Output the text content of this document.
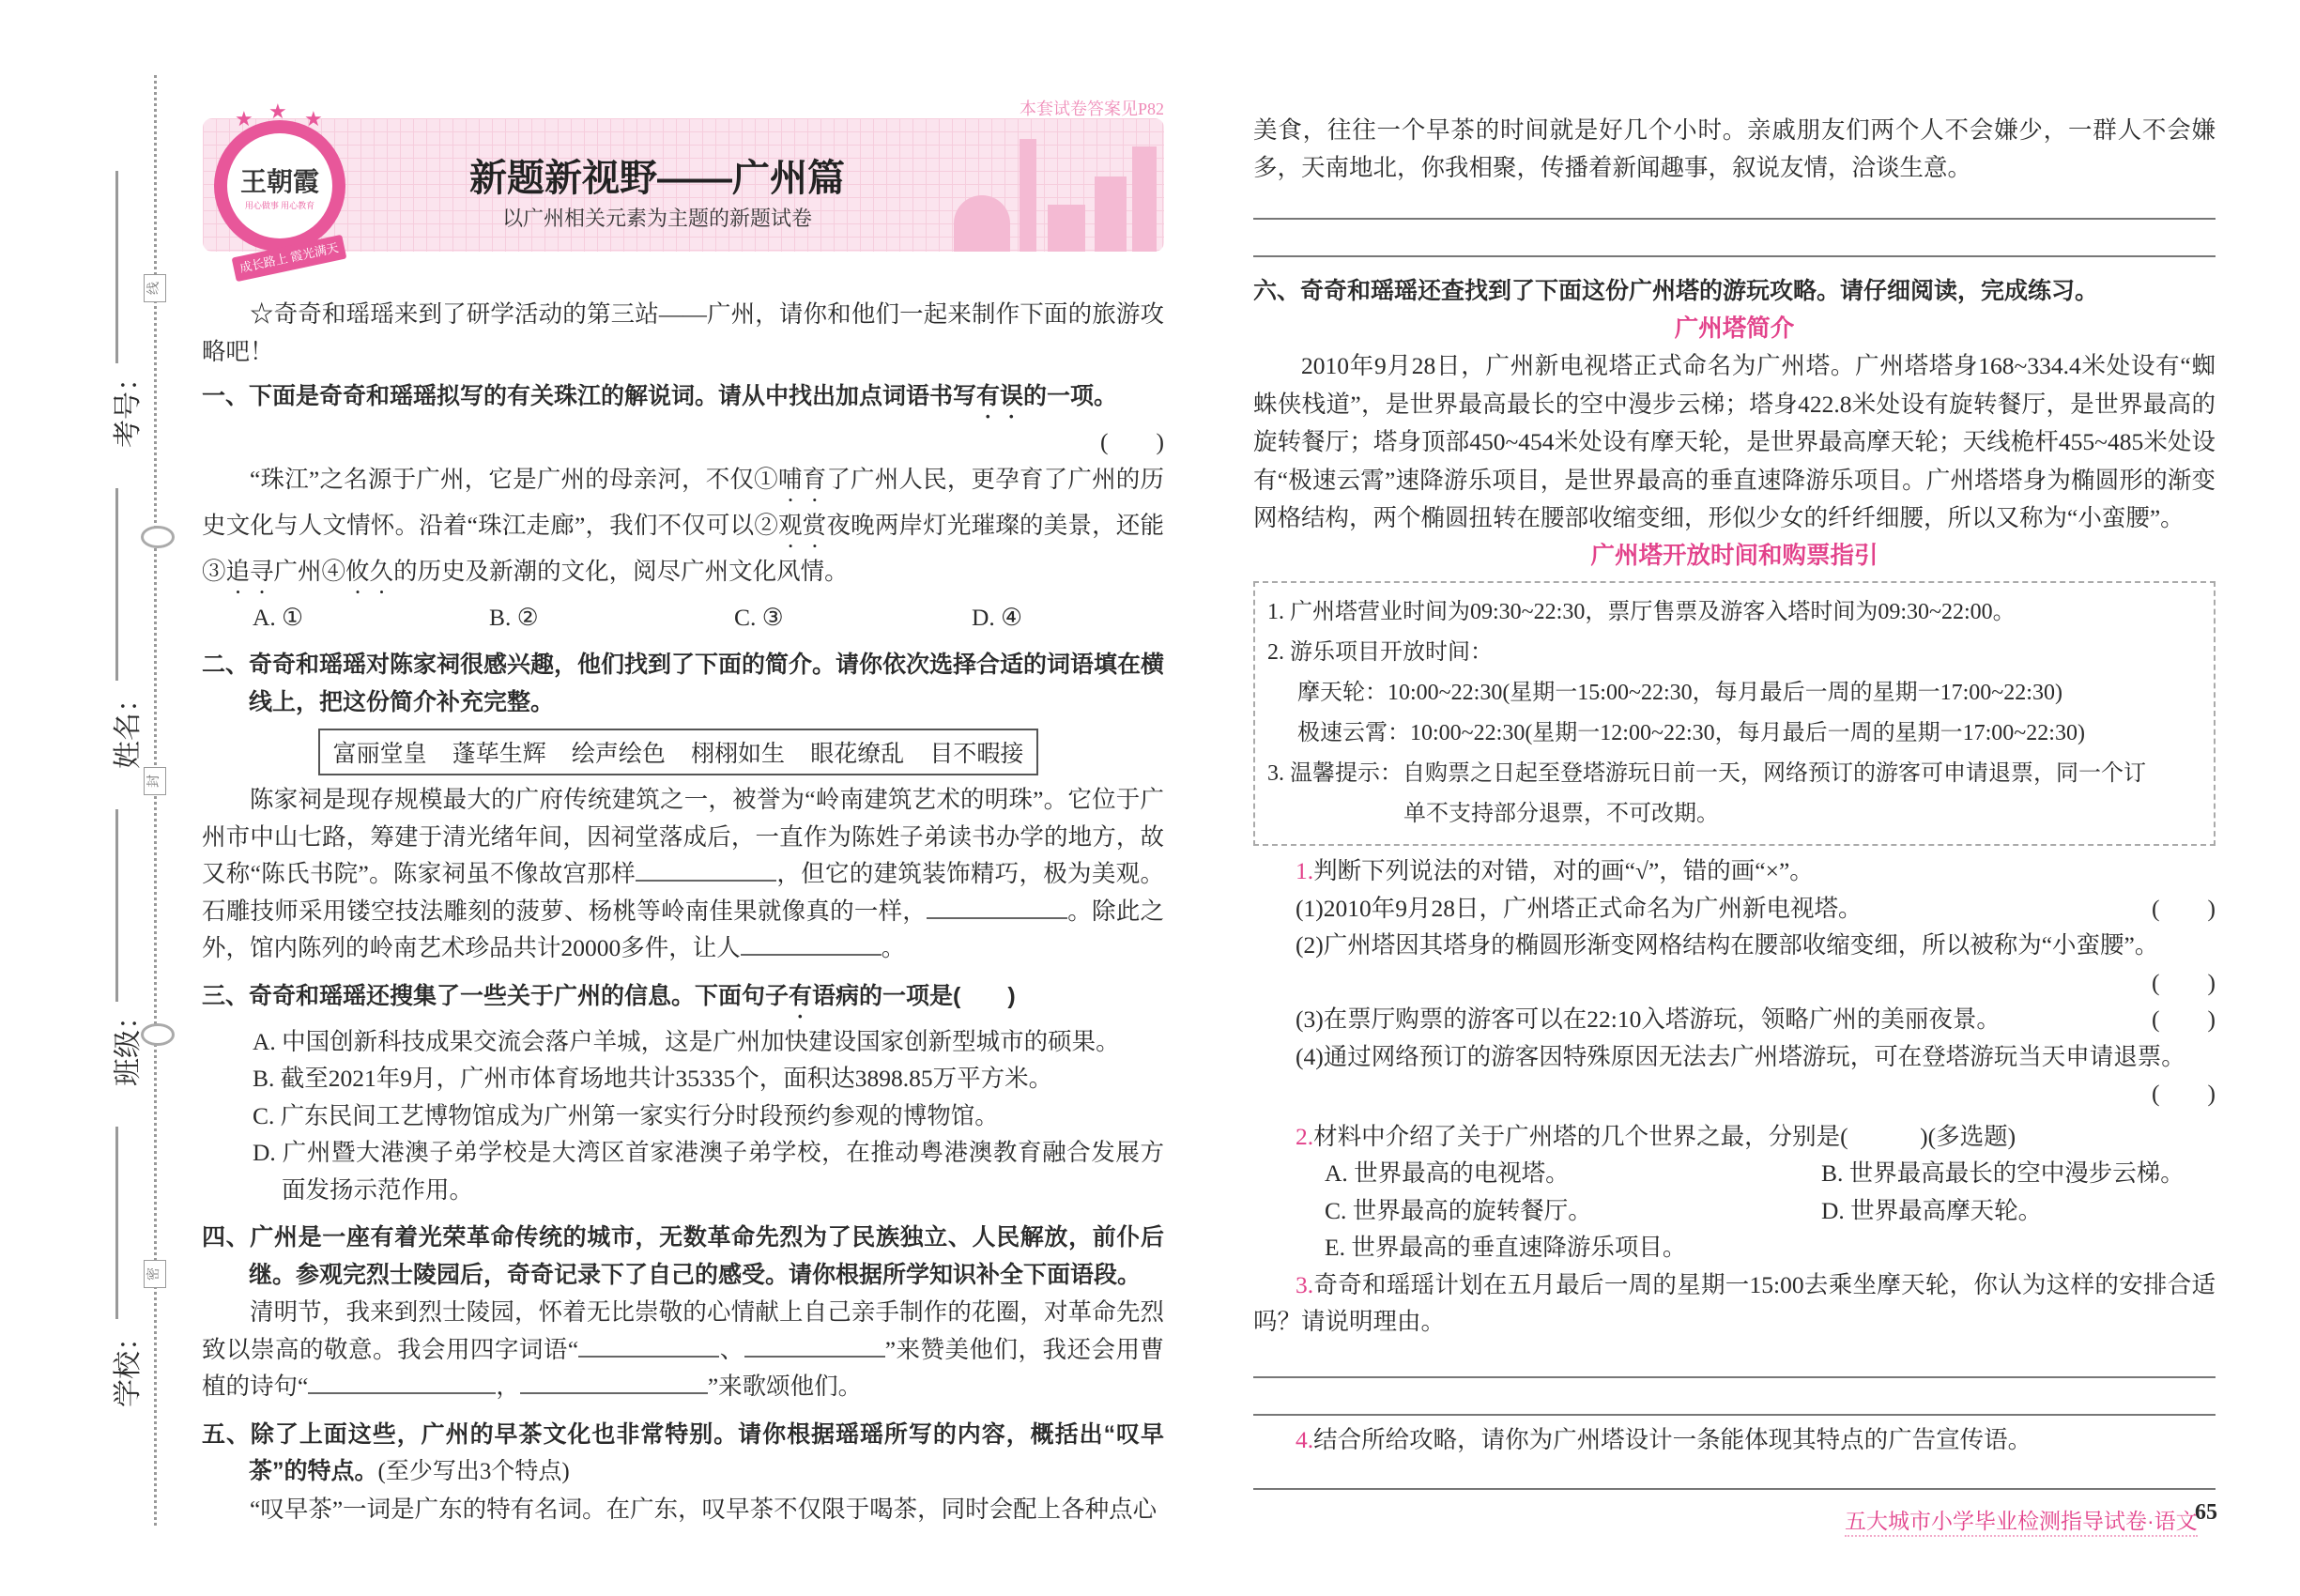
线
封
密
考号：
姓名：
班级：
学校：
本套试卷答案见P82
王朝霞
用心做事 用心教育
★ ★ ★
成长路上 霞光满天
新题新视野——广州篇
以广州相关元素为主题的新题试卷

☆奇奇和瑶瑶来到了研学活动的第三站——广州，请你和他们一起来制作下面的旅游攻略吧！

一、下面是奇奇和瑶瑶拟写的有关珠江的解说词。请从中找出加点词语书写有误的一项。

(　　)

“珠江”之名源于广州，它是广州的母亲河，不仅①哺育了广州人民，更孕育了广州的历史文化与人文情怀。沿着“珠江走廊”，我们不仅可以②观赏夜晚两岸灯光璀璨的美景，还能③追寻广州④攸久的历史及新潮的文化，阅尽广州文化风情。

A. ①	B. ②	C. ③	D. ④

二、奇奇和瑶瑶对陈家祠很感兴趣，他们找到了下面的简介。请你依次选择合适的词语填在横线上，把这份简介补充完整。

富丽堂皇 蓬荜生辉 绘声绘色 栩栩如生 眼花缭乱 目不暇接

陈家祠是现存规模最大的广府传统建筑之一，被誉为“岭南建筑艺术的明珠”。它位于广州市中山七路，筹建于清光绪年间，因祠堂落成后，一直作为陈姓子弟读书办学的地方，故又称“陈氏书院”。陈家祠虽不像故宫那样	，但它的建筑装饰精巧，极为美观。石雕技师采用镂空技法雕刻的菠萝、杨桃等岭南佳果就像真的一样，	。除此之外，馆内陈列的岭南艺术珍品共计20000多件，让人	。

三、奇奇和瑶瑶还搜集了一些关于广州的信息。下面句子有语病的一项是(　　)

A. 中国创新科技成果交流会落户羊城，这是广州加快建设国家创新型城市的硕果。

B. 截至2021年9月，广州市体育场地共计35335个，面积达3898.85万平方米。

C. 广东民间工艺博物馆成为广州第一家实行分时段预约参观的博物馆。

D. 广州暨大港澳子弟学校是大湾区首家港澳子弟学校，在推动粤港澳教育融合发展方面发扬示范作用。

四、广州是一座有着光荣革命传统的城市，无数革命先烈为了民族独立、人民解放，前仆后继。参观完烈士陵园后，奇奇记录下了自己的感受。请你根据所学知识补全下面语段。

清明节，我来到烈士陵园，怀着无比崇敬的心情献上自己亲手制作的花圈，对革命先烈致以崇高的敬意。我会用四字词语“	、	”来赞美他们，我还会用曹植的诗句“	，	”来歌颂他们。

五、除了上面这些，广州的早茶文化也非常特别。请你根据瑶瑶所写的内容，概括出“叹早茶”的特点。(至少写出3个特点)

“叹早茶”一词是广东的特有名词。在广东，叹早茶不仅限于喝茶，同时会配上各种点心

美食，往往一个早茶的时间就是好几个小时。亲戚朋友们两个人不会嫌少，一群人不会嫌多，天南地北，你我相聚，传播着新闻趣事，叙说友情，洽谈生意。

六、奇奇和瑶瑶还查找到了下面这份广州塔的游玩攻略。请仔细阅读，完成练习。

广州塔简介

2010年9月28日，广州新电视塔正式命名为广州塔。广州塔塔身168~334.4米处设有“蜘蛛侠栈道”，是世界最高最长的空中漫步云梯；塔身422.8米处设有旋转餐厅，是世界最高的旋转餐厅；塔身顶部450~454米处设有摩天轮，是世界最高摩天轮；天线桅杆455~485米处设有“极速云霄”速降游乐项目，是世界最高的垂直速降游乐项目。广州塔塔身为椭圆形的渐变网格结构，两个椭圆扭转在腰部收缩变细，形似少女的纤纤细腰，所以又称为“小蛮腰”。

广州塔开放时间和购票指引

1. 广州塔营业时间为09:30~22:30，票厅售票及游客入塔时间为09:30~22:00。

2. 游乐项目开放时间：

摩天轮：10:00~22:30(星期一15:00~22:30，每月最后一周的星期一17:00~22:30)

极速云霄：10:00~22:30(星期一12:00~22:30，每月最后一周的星期一17:00~22:30)

3. 温馨提示：自购票之日起至登塔游玩日前一天，网络预订的游客可申请退票，同一个订

单不支持部分退票，不可改期。

1.判断下列说法的对错，对的画“√”，错的画“×”。

(　　)
(1)2010年9月28日，广州塔正式命名为广州新电视塔。

(2)广州塔因其塔身的椭圆形渐变网格结构在腰部收缩变细，所以被称为“小蛮腰”。

(　　)

(　　)
(3)在票厅购票的游客可以在22:10入塔游玩，领略广州的美丽夜景。

(4)通过网络预订的游客因特殊原因无法去广州塔游玩，可在登塔游玩当天申请退票。

(　　)

2.材料中介绍了关于广州塔的几个世界之最，分别是(　　　)(多选题)

A. 世界最高的电视塔。	B. 世界最高最长的空中漫步云梯。
C. 世界最高的旋转餐厅。	D. 世界最高摩天轮。
E. 世界最高的垂直速降游乐项目。

3.奇奇和瑶瑶计划在五月最后一周的星期一15:00去乘坐摩天轮，你认为这样的安排合适吗？请说明理由。

4.结合所给攻略，请你为广州塔设计一条能体现其特点的广告宣传语。

五大城市小学毕业检测指导试卷·语文
65
